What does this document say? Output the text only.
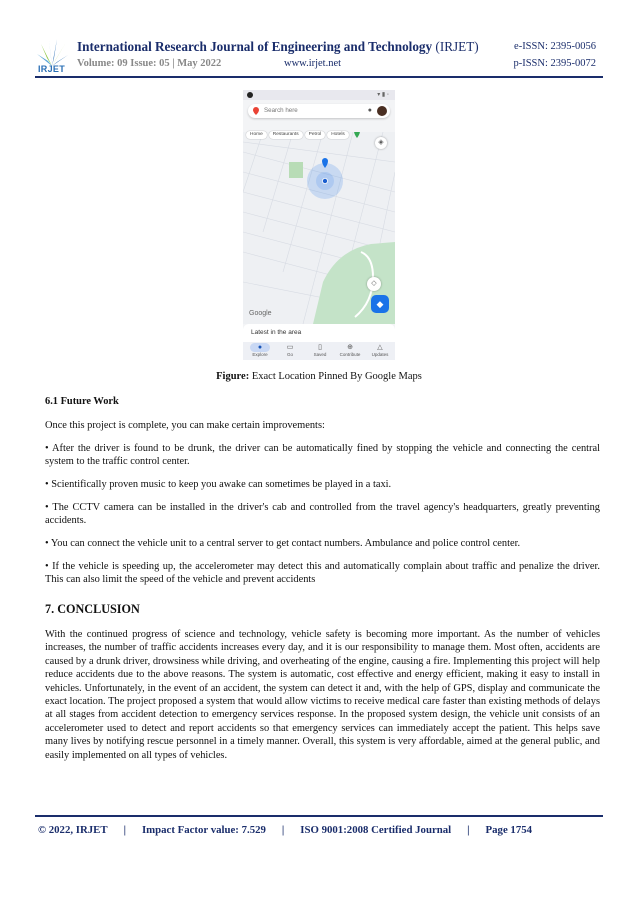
IRJET
International Research Journal of Engineering and Technology (IRJET)	e-ISSN: 2395-0056
Volume: 09 Issue: 05 | May 2022	www.irjet.net	p-ISSN: 2395-0072
▾ ▮ ◦
Search here	●
Home Restaurants Petrol Hotels
◈
◇
◆
Google
Latest in the area
●
Explore
▭
Go
▯
Saved
⊕
Contribute
△
Updates
Figure: Exact Location Pinned By Google Maps
6.1 Future Work
Once this project is complete, you can make certain improvements:
• After the driver is found to be drunk, the driver can be automatically fined by stopping the vehicle and connecting the central system to the traffic control center.
• Scientifically proven music to keep you awake can sometimes be played in a taxi.
• The CCTV camera can be installed in the driver's cab and controlled from the travel agency's headquarters, greatly preventing accidents.
• You can connect the vehicle unit to a central server to get contact numbers. Ambulance and police control center.
• If the vehicle is speeding up, the accelerometer may detect this and automatically complain about traffic and penalize the driver. This can also limit the speed of the vehicle and prevent accidents
7. CONCLUSION
With the continued progress of science and technology, vehicle safety is becoming more important. As the number of vehicles increases, the number of traffic accidents increases every day, and it is our responsibility to manage them. Most often, accidents are caused by a drunk driver, drowsiness while driving, and overheating of the engine, causing a fire. Implementing this project will help reduce accidents due to the above reasons. The system is automatic, cost effective and energy efficient, making it easy to install in vehicles. Unfortunately, in the event of an accident, the system can detect it and, with the help of GPS, display and communicate the exact location. The project proposed a system that would allow victims to receive medical care faster than existing methods of delays at all stages from accident detection to emergency services response. In the proposed system design, the vehicle unit consists of an accelerometer used to detect and report accidents so that emergency services can immediately accept the patient. This helps save many lives by notifying rescue personnel in a timely manner. Overall, this system is very affordable, aimed at the general public, and easily implemented on all types of vehicles.
© 2022, IRJET | Impact Factor value: 7.529 | ISO 9001:2008 Certified Journal | Page 1754
